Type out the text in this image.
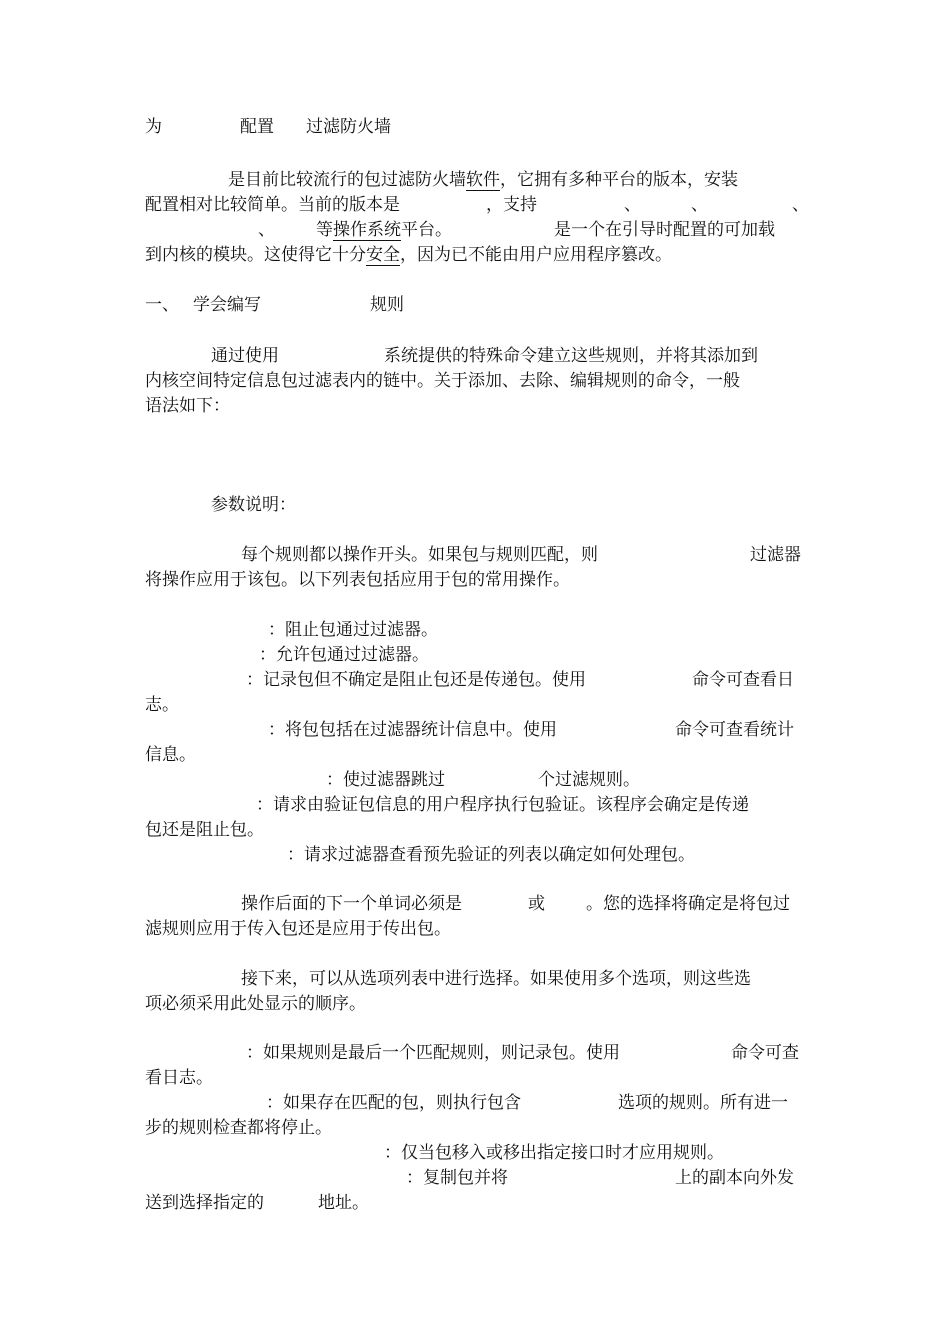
为	配置 过滤防火墙
是目前比较流行的包过滤防火墙软件，它拥有多种平台的版本，安装
配置相对比较简单。当前的版本是	，支持	、	、	、
、 等操作系统平台。	是一个在引导时配置的可加载
到内核的模块。这使得它十分安全，因为已不能由用户应用程序篡改。
一、 学会编写	规则
通过使用	系统提供的特殊命令建立这些规则，并将其添加到
内核空间特定信息包过滤表内的链中。关于添加、去除、编辑规则的命令，一般
语法如下：
参数说明：
每个规则都以操作开头。如果包与规则匹配，则	过滤器
将操作应用于该包。以下列表包括应用于包的常用操作。
：阻止包通过过滤器。
：允许包通过过滤器。
：记录包但不确定是阻止包还是传递包。使用	命令可查看日
志。
：将包包括在过滤器统计信息中。使用	命令可查看统计
信息。
：使过滤器跳过	个过滤规则。
：请求由验证包信息的用户程序执行包验证。该程序会确定是传递
包还是阻止包。
：请求过滤器查看预先验证的列表以确定如何处理包。
操作后面的下一个单词必须是	或 。您的选择将确定是将包过
滤规则应用于传入包还是应用于传出包。
接下来，可以从选项列表中进行选择。如果使用多个选项，则这些选
项必须采用此处显示的顺序。
：如果规则是最后一个匹配规则，则记录包。使用	命令可查
看日志。
：如果存在匹配的包，则执行包含	选项的规则。所有进一
步的规则检查都将停止。
：仅当包移入或移出指定接口时才应用规则。
：复制包并将	上的副本向外发
送到选择指定的	地址。
